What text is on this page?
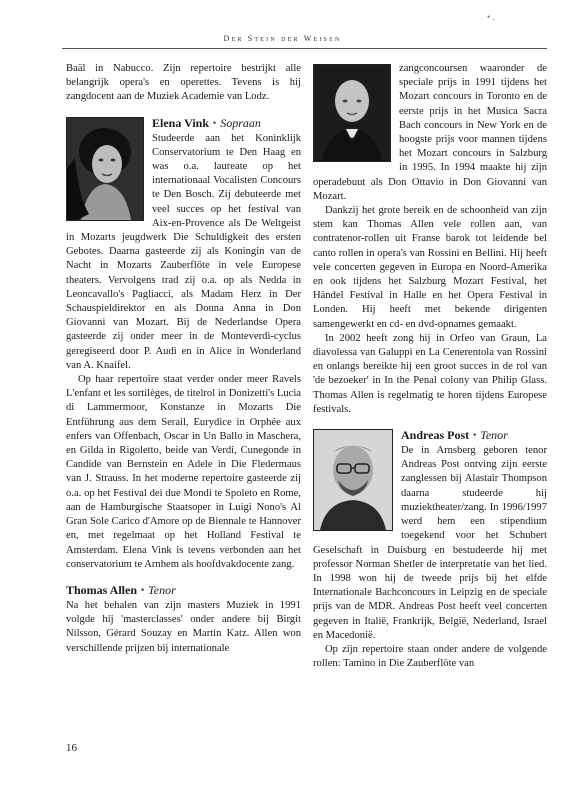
• .
Der Stein der Weisen

Baäl in Nabucco. Zijn repertoire bestrijkt alle belangrijk opera's en operettes. Tevens is hij zangdocent aan de Muziek Academie van Lodz.

Elena Vink • Sopraan

Studeerde aan het Koninklijk Conservatorium te Den Haag en was o.a. laureate op het internationaal Vocalisten Concours te Den Bosch. Zij debuteerde met veel succes op het festival van Aix-en-Provence als De Weltgeist in Mozarts jeugdwerk Die Schuldigkeit des ersten Gebotes. Daarna gasteerde zij als Koningin van de Nacht in Mozarts Zauberflöte in vele Europese theaters. Vervolgens trad zij o.a. op als Nedda in Leoncavallo's Pagliacci, als Madam Herz in Der Schauspieldirektor en als Donna Anna in Don Giovanni van Mozart. Bij de Nederlandse Opera gasteerde zij onder meer in de Monteverdi-cyclus geregiseerd door P. Audi en in Alice in Wonderland van A. Knaifel.

Op haar repertoire staat verder onder meer Ravels L'enfant et les sortilèges, de titelrol in Donizetti's Lucia di Lammermoor, Konstanze in Mozarts Die Entführung aus dem Serail, Eurydice in Orphée aux enfers van Offenbach, Oscar in Un Ballo in Maschera, en Gilda in Rigoletto, beide van Verdi, Cunegonde in Candide van Bernstein en Adele in Die Fledermaus van J. Strauss. In het moderne repertoire gasteerde zij o.a. op het Festival dei due Mondi te Spoleto en Rome, aan de Hamburgische Staatsoper in Luigi Nono's Al Gran Sole Carico d'Amore op de Biennale te Hannover en, met regelmaat op het Holland Festival te Amsterdam. Elena Vink is tevens verbonden aan het conservatorium te Arnhem als hoofdvakdocente zang.

Thomas Allen • Tenor

Na het behalen van zijn masters Muziek in 1991 volgde hij 'masterclasses' onder andere bij Birgit Nilsson, Gérard Souzay en Martin Katz. Allen won verschillende prijzen bij internationale

zangconcoursen waaronder de speciale prijs in 1991 tijdens het Mozart concours in Toronto en de eerste prijs in het Musica Sacra Bach concours in New York en de hoogste prijs voor mannen tijdens het Mozart concours in Salzburg in 1995. In 1994 maakte hij zijn operadebuut als Don Ottavio in Don Giovanni van Mozart.

Dankzij het grote bereik en de schoonheid van zijn stem kan Thomas Allen vele rollen aan, van contratenor-rollen uit Franse barok tot leidende bel canto rollen in opera's van Rossini en Bellini. Hij heeft vele concerten gegeven in Europa en Noord-Amerika en ook tijdens het Salzburg Mozart Festival, het Händel Festival in Halle en het Opera Festival in Londen. Hij heeft met bekende dirigenten samengewerkt en cd- en dvd-opnames gemaakt.

In 2002 heeft zong hij in Orfeo van Graun, La diavolessa van Galuppi en La Cenerentola van Rossini en onlangs bereikte hij een groot succes in de rol van 'de bezoeker' in In the Penal colony van Philip Glass. Thomas Allen is regelmatig te horen tijdens Europese festivals.

Andreas Post • Tenor

De in Arnsberg geboren tenor Andreas Post ontving zijn eerste zanglessen bij Alastair Thompson daarna studeerde hij muziektheater/zang. In 1996/1997 werd hem een stipendium toegekend voor het Schubert Geselschaft in Duisburg en bestudeerde hij met professor Norman Shetler de interpretatie van het lied. In 1998 won hij de tweede prijs bij het elfde Internationale Bachconcours in Leipzig en de speciale prijs van de MDR. Andreas Post heeft veel concerten gegeven in Italië, Frankrijk, België, Nederland, Israel en Macedonië.

Op zijn repertoire staan onder andere de volgende rollen: Tamino in Die Zauberflöte van

16
